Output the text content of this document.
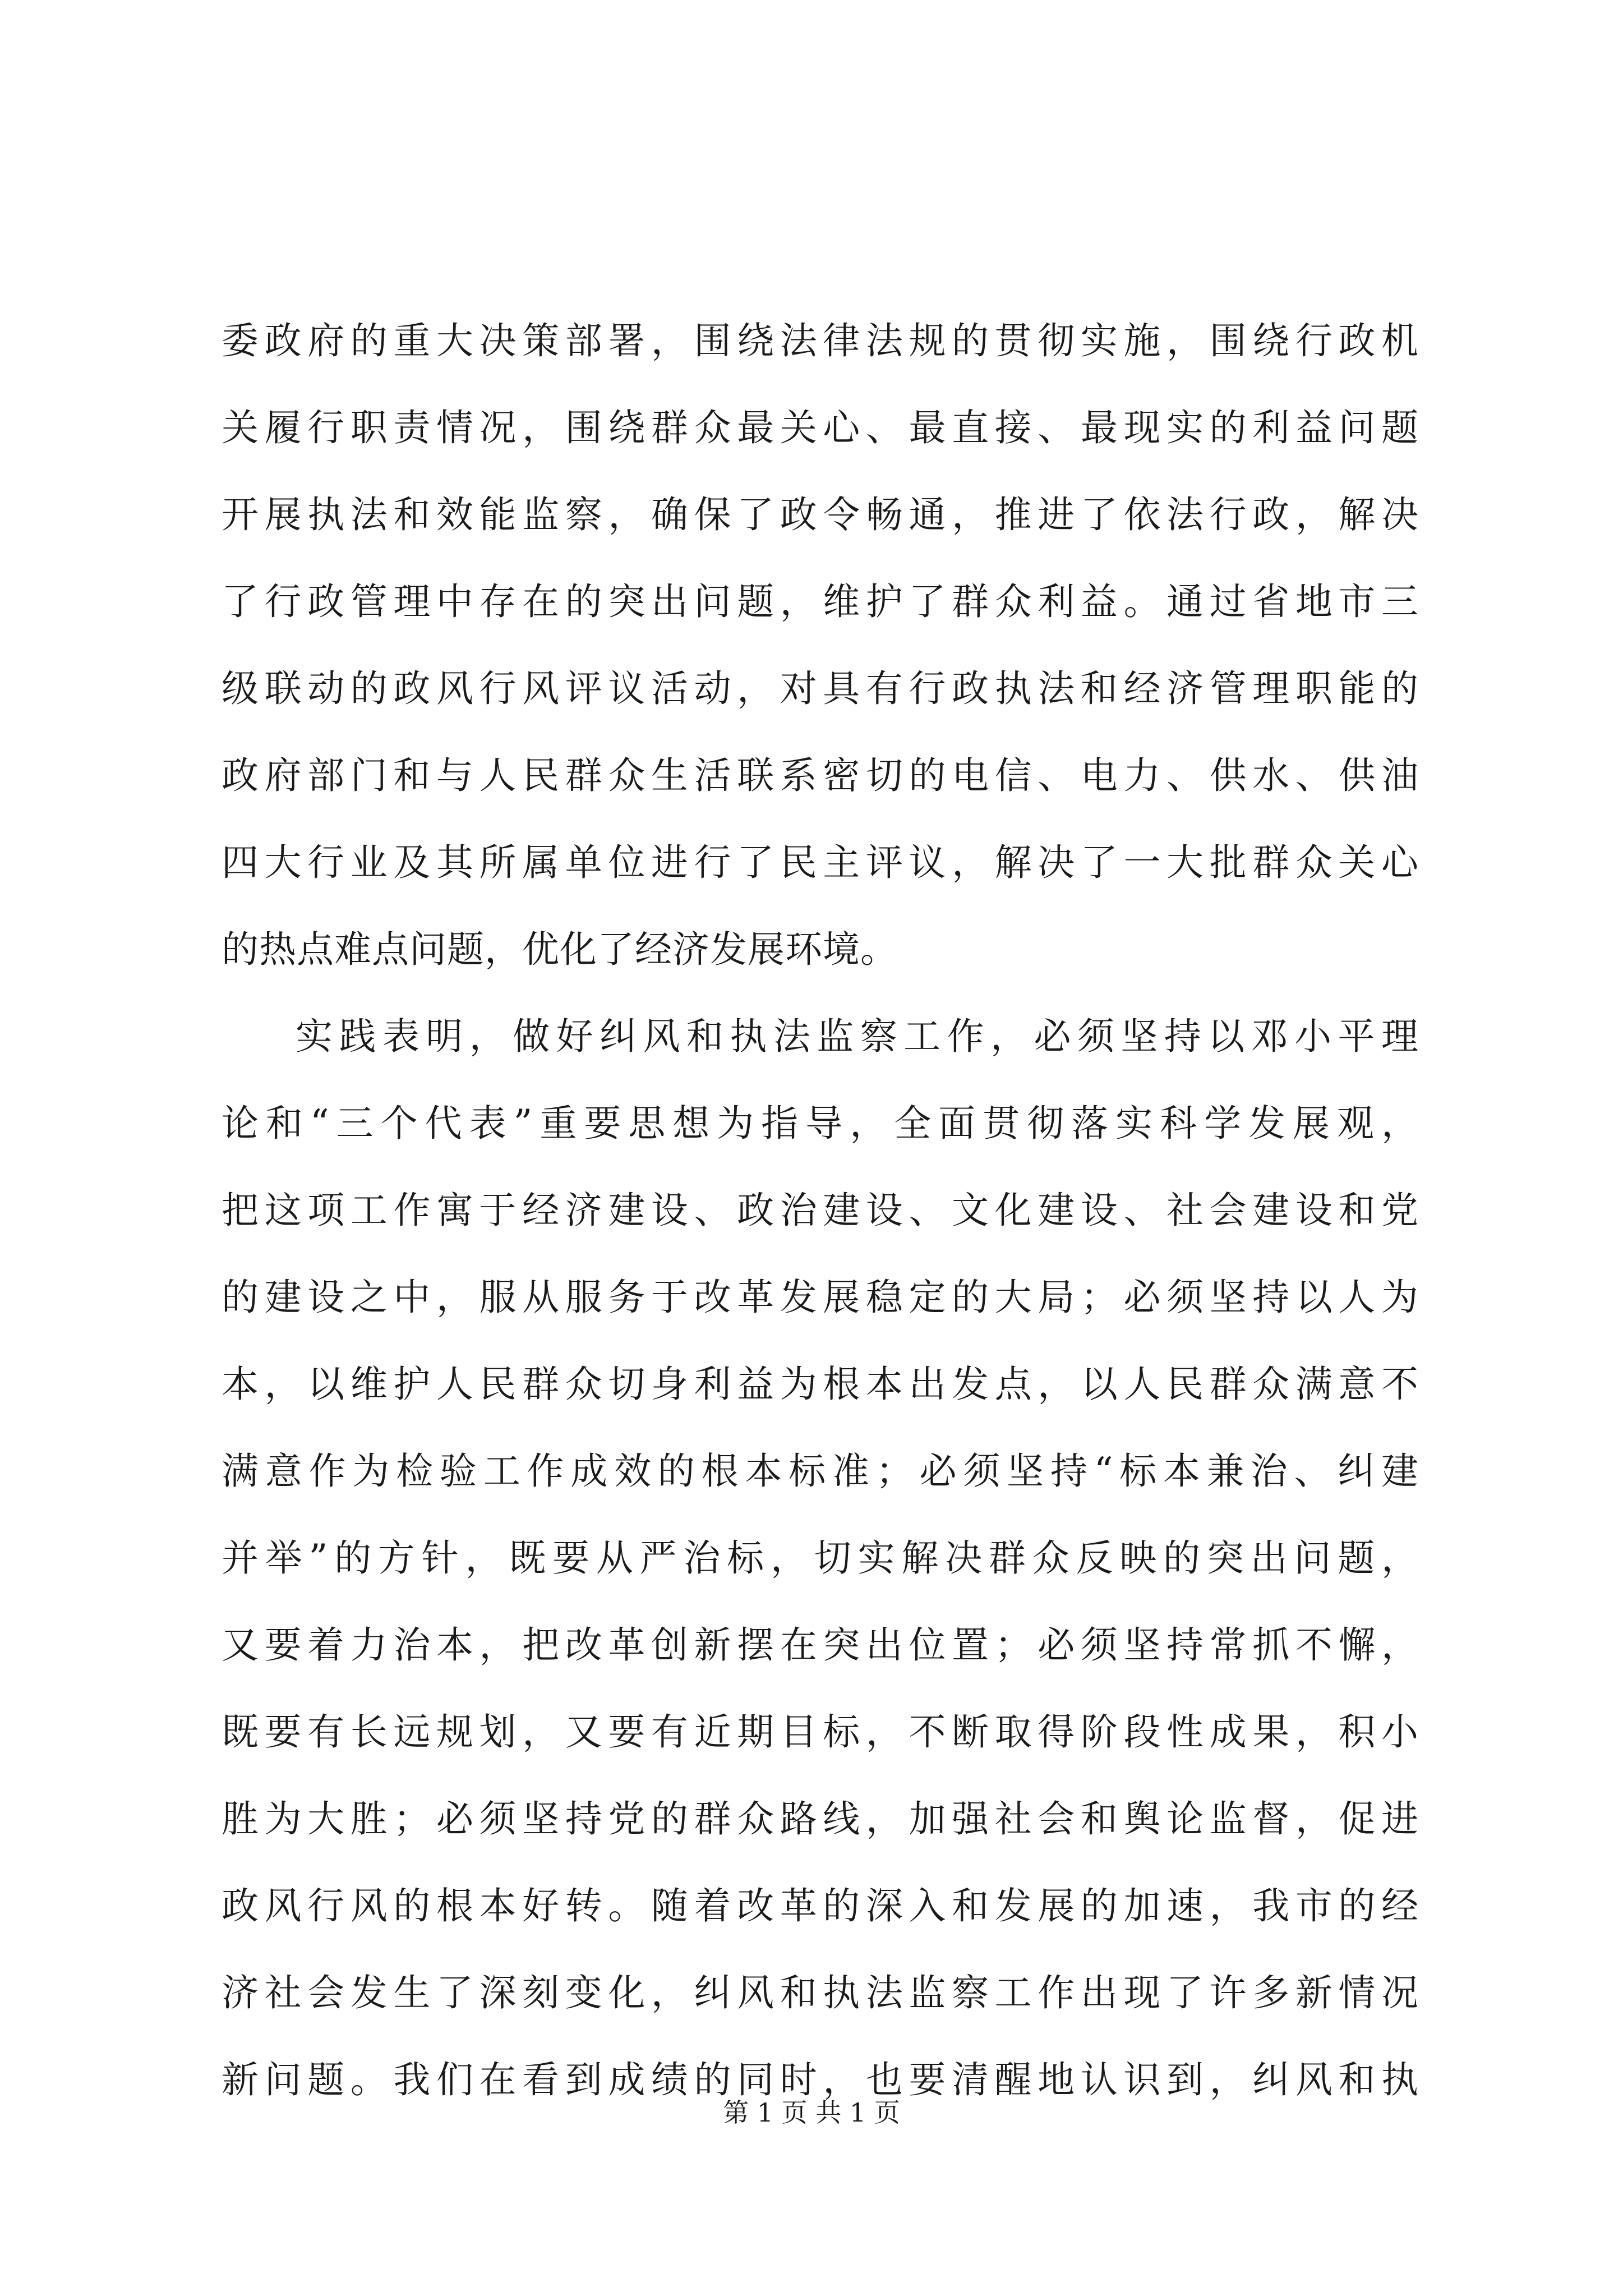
委政府的重大决策部署，围绕法律法规的贯彻实施，围绕行政机
关履行职责情况，围绕群众最关心、最直接、最现实的利益问题
开展执法和效能监察，确保了政令畅通，推进了依法行政，解决
了行政管理中存在的突出问题，维护了群众利益。通过省地市三
级联动的政风行风评议活动，对具有行政执法和经济管理职能的
政府部门和与人民群众生活联系密切的电信、电力、供水、供油
四大行业及其所属单位进行了民主评议，解决了一大批群众关心
的热点难点问题，优化了经济发展环境。
实践表明，做好纠风和执法监察工作，必须坚持以邓小平理
论和“三个代表”重要思想为指导，全面贯彻落实科学发展观，
把这项工作寓于经济建设、政治建设、文化建设、社会建设和党
的建设之中，服从服务于改革发展稳定的大局；必须坚持以人为
本，以维护人民群众切身利益为根本出发点，以人民群众满意不
满意作为检验工作成效的根本标准；必须坚持“标本兼治、纠建
并举”的方针，既要从严治标，切实解决群众反映的突出问题，
又要着力治本，把改革创新摆在突出位置；必须坚持常抓不懈，
既要有长远规划，又要有近期目标，不断取得阶段性成果，积小
胜为大胜；必须坚持党的群众路线，加强社会和舆论监督，促进
政风行风的根本好转。随着改革的深入和发展的加速，我市的经
济社会发生了深刻变化，纠风和执法监察工作出现了许多新情况
新问题。我们在看到成绩的同时，也要清醒地认识到，纠风和执
第 1 页 共 1 页
